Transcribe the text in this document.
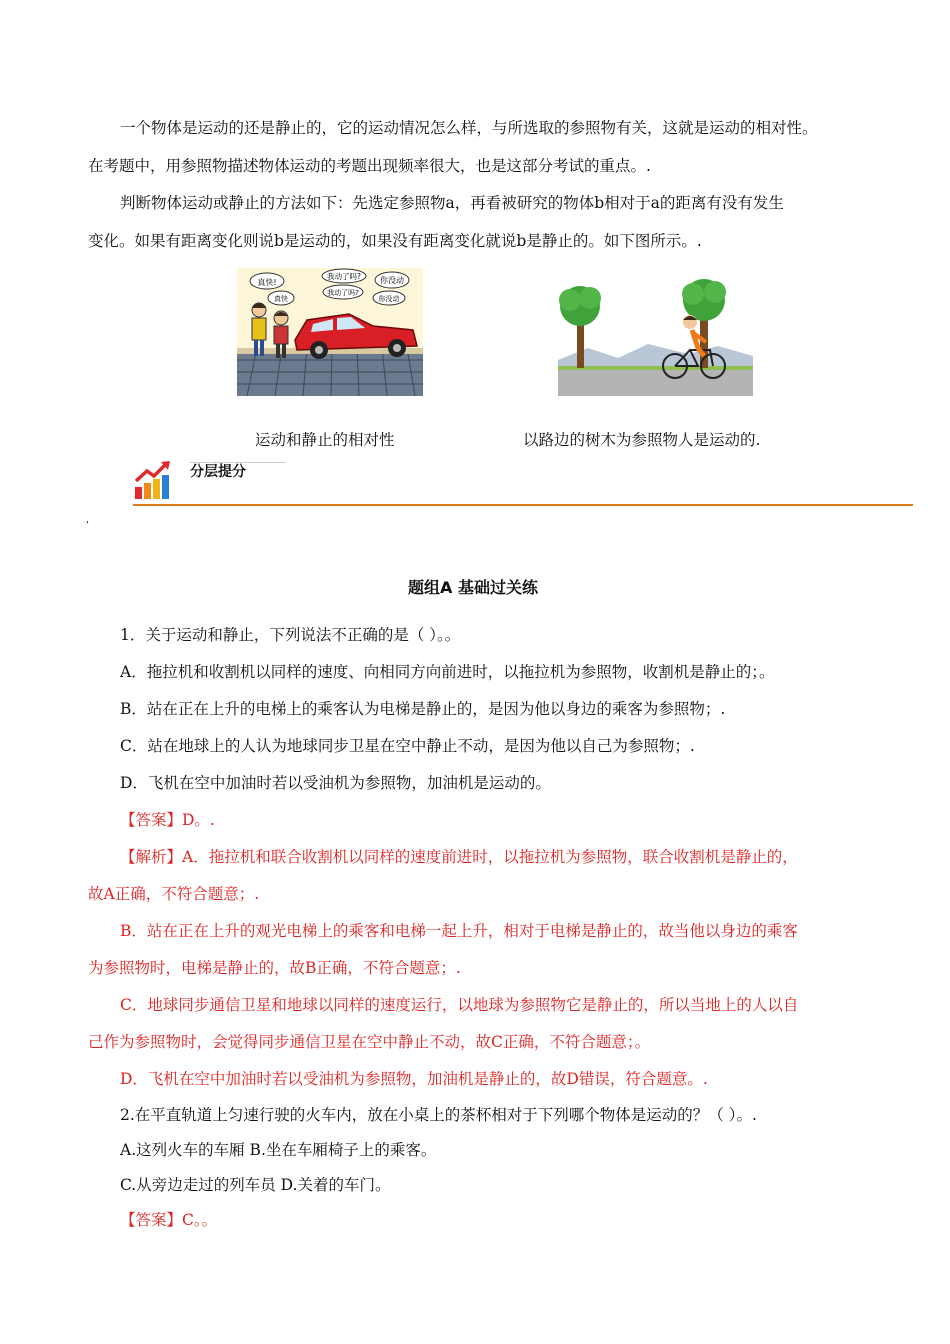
一个物体是运动的还是静止的，它的运动情况怎么样，与所选取的参照物有关，这就是运动的相对性。
在考题中，用参照物描述物体运动的考题出现频率很大，也是这部分考试的重点。.
判断物体运动或静止的方法如下：先选定参照物a，再看被研究的物体b相对于a的距离有没有发生
变化。如果有距离变化则说b是运动的，如果没有距离变化就说b是静止的。如下图所示。.
真快!
真快
我动了吗?
我动了吗?
你没动
你没动
运动和静止的相对性	以路边的树木为参照物人是运动的.
分层提分
,
题组A 基础过关练
1．关于运动和静止，下列说法不正确的是（ ）。。
A．拖拉机和收割机以同样的速度、向相同方向前进时，以拖拉机为参照物，收割机是静止的；。
B．站在正在上升的电梯上的乘客认为电梯是静止的，是因为他以身边的乘客为参照物；.
C．站在地球上的人认为地球同步卫星在空中静止不动，是因为他以自己为参照物；.
D．飞机在空中加油时若以受油机为参照物，加油机是运动的。
【答案】D。.
【解析】A．拖拉机和联合收割机以同样的速度前进时，以拖拉机为参照物，联合收割机是静止的，
故A正确，不符合题意；.
B．站在正在上升的观光电梯上的乘客和电梯一起上升，相对于电梯是静止的，故当他以身边的乘客
为参照物时，电梯是静止的，故B正确，不符合题意；.
C．地球同步通信卫星和地球以同样的速度运行，以地球为参照物它是静止的，所以当地上的人以自
己作为参照物时，会觉得同步通信卫星在空中静止不动，故C正确，不符合题意；。
D．飞机在空中加油时若以受油机为参照物，加油机是静止的，故D错误，符合题意。.
2.在平直轨道上匀速行驶的火车内，放在小桌上的茶杯相对于下列哪个物体是运动的？（ ）。.
A.这列火车的车厢 B.坐在车厢椅子上的乘客。
C.从旁边走过的列车员 D.关着的车门。
【答案】C。。
